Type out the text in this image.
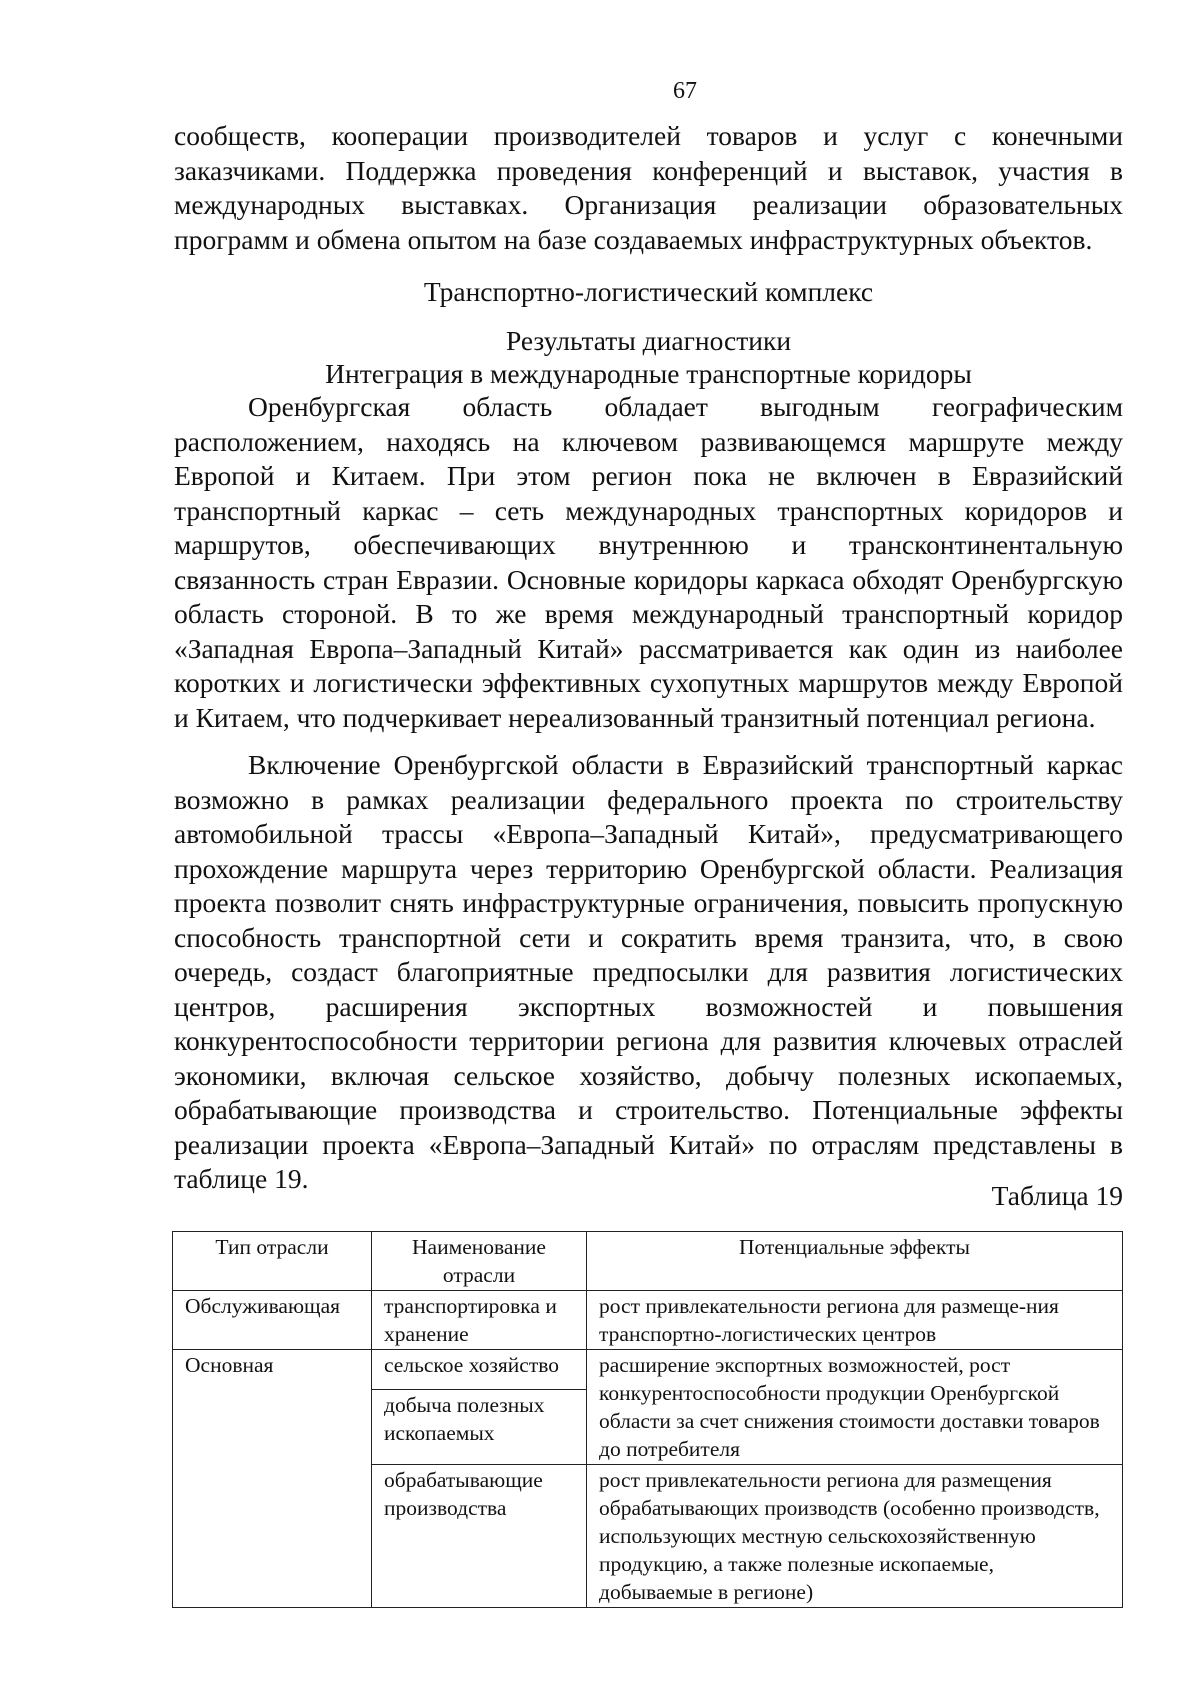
67
сообществ, кооперации производителей товаров и услуг с конечными заказчиками. Поддержка проведения конференций и выставок, участия в международных выставках. Организация реализации образовательных программ и обмена опытом на базе создаваемых инфраструктурных объектов.
Транспортно-логистический комплекс
Результаты диагностики
Интеграция в международные транспортные коридоры
Оренбургская область обладает выгодным географическим расположением, находясь на ключевом развивающемся маршруте между Европой и Китаем. При этом регион пока не включен в Евразийский транспортный каркас – сеть международных транспортных коридоров и маршрутов, обеспечивающих внутреннюю и трансконтинентальную связанность стран Евразии. Основные коридоры каркаса обходят Оренбургскую область стороной. В то же время международный транспортный коридор «Западная Европа–Западный Китай» рассматривается как один из наиболее коротких и логистически эффективных сухопутных маршрутов между Европой и Китаем, что подчеркивает нереализованный транзитный потенциал региона.
Включение Оренбургской области в Евразийский транспортный каркас возможно в рамках реализации федерального проекта по строительству автомобильной трассы «Европа–Западный Китай», предусматривающего прохождение маршрута через территорию Оренбургской области. Реализация проекта позволит снять инфраструктурные ограничения, повысить пропускную способность транспортной сети и сократить время транзита, что, в свою очередь, создаст благоприятные предпосылки для развития логистических центров, расширения экспортных возможностей и повышения конкурентоспособности территории региона для развития ключевых отраслей экономики, включая сельское хозяйство, добычу полезных ископаемых, обрабатывающие производства и строительство. Потенциальные эффекты реализации проекта «Европа–Западный Китай» по отраслям представлены в таблице 19.
Таблица 19
Тип отрасли	Наименование отрасли	Потенциальные эффекты
Обслуживающая	транспортировка и хранение	рост привлекательности региона для размеще-ния транспортно-логистических центров
Основная	сельское хозяйство	расширение экспортных возможностей, рост конкурентоспособности продукции Оренбургской области за счет снижения стоимости доставки товаров до потребителя
	добыча полезных ископаемых	
	обрабатывающие производства	рост привлекательности региона для размещения обрабатывающих производств (особенно производств, использующих местную сельскохозяйственную продукцию, а также полезные ископаемые, добываемые в регионе)
